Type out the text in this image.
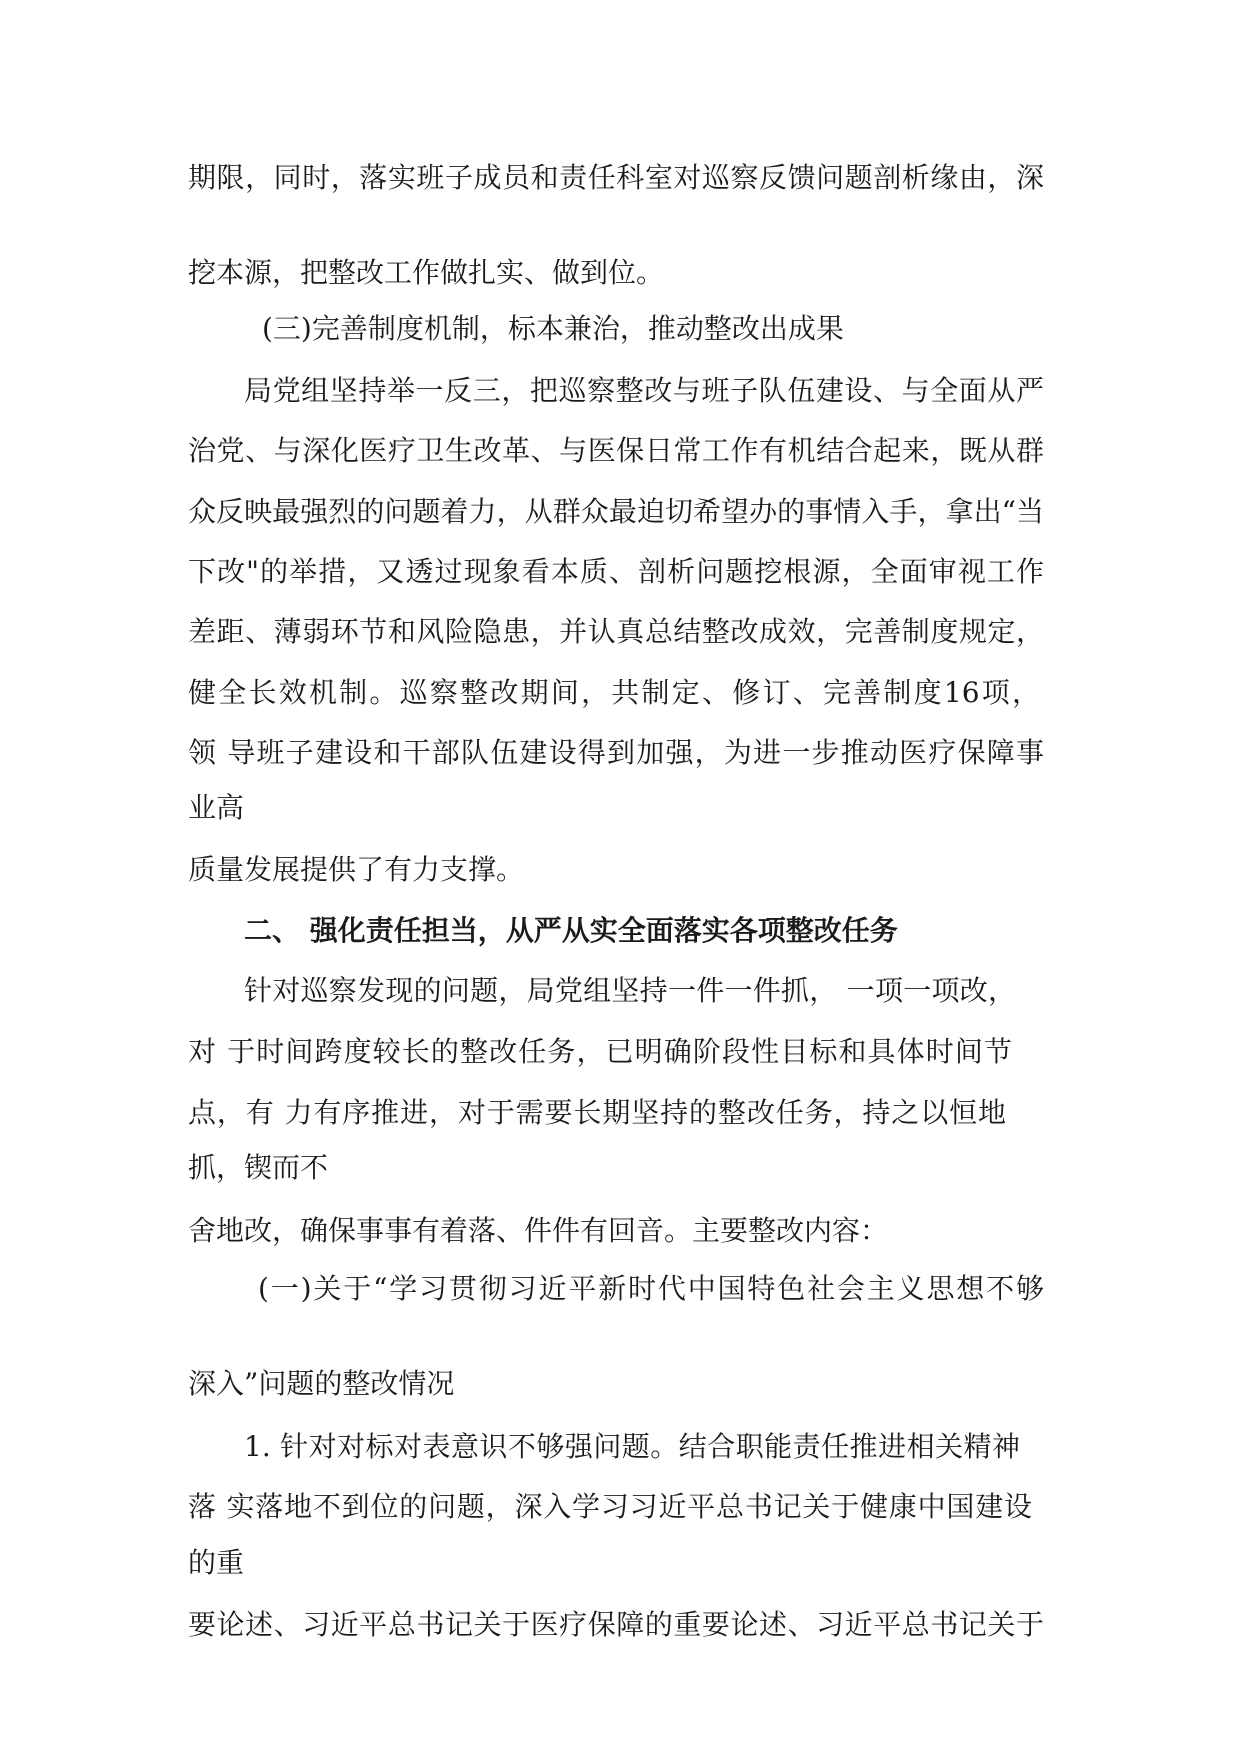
期限，同时，落实班子成员和责任科室对巡察反馈问题剖析缘由，深
挖本源，把整改工作做扎实、做到位。
(三)完善制度机制，标本兼治，推动整改出成果
局党组坚持举一反三，把巡察整改与班子队伍建设、与全面从严
治党、与深化医疗卫生改革、与医保日常工作有机结合起来，既从群
众反映最强烈的问题着力，从群众最迫切希望办的事情入手，拿出“当
下改"的举措，又透过现象看本质、剖析问题挖根源，全面审视工作
差距、薄弱环节和风险隐患，并认真总结整改成效，完善制度规定，
健全长效机制。巡察整改期间，共制定、修订、完善制度16项，
领 导班子建设和干部队伍建设得到加强，为进一步推动医疗保障事
业高
质量发展提供了有力支撑。
二、 强化责任担当，从严从实全面落实各项整改任务
针对巡察发现的问题，局党组坚持一件一件抓， 一项一项改，
对 于时间跨度较长的整改任务，已明确阶段性目标和具体时间节
点，有 力有序推进，对于需要长期坚持的整改任务，持之以恒地
抓，锲而不
舍地改，确保事事有着落、件件有回音。主要整改内容：
(一)关于“学习贯彻习近平新时代中国特色社会主义思想不够
深入”问题的整改情况
1. 针对对标对表意识不够强问题。结合职能责任推进相关精神
落 实落地不到位的问题，深入学习习近平总书记关于健康中国建设
的重
要论述、习近平总书记关于医疗保障的重要论述、习近平总书记关于
